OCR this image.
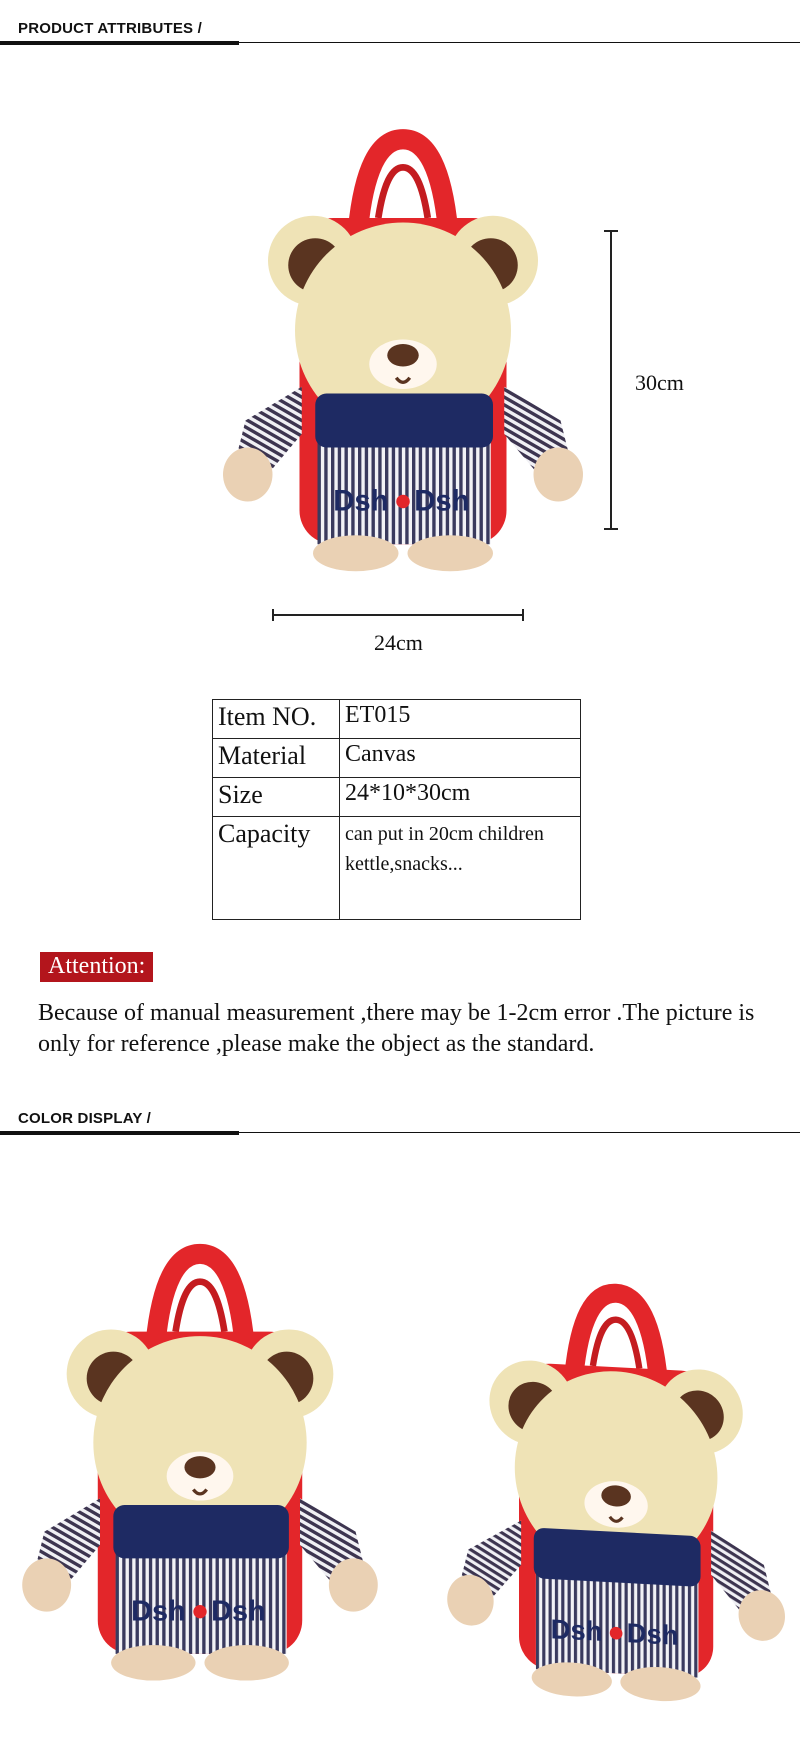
PRODUCT ATTRIBUTES /
30cm
24cm
Item NO.	ET015
Material	Canvas
Size	24*10*30cm
Capacity	can put in 20cm children kettle,snacks...
Attention:
Because of manual measurement ,there may be 1-2cm error .The picture is only for reference ,please make the object as the standard.
COLOR DISPLAY /
